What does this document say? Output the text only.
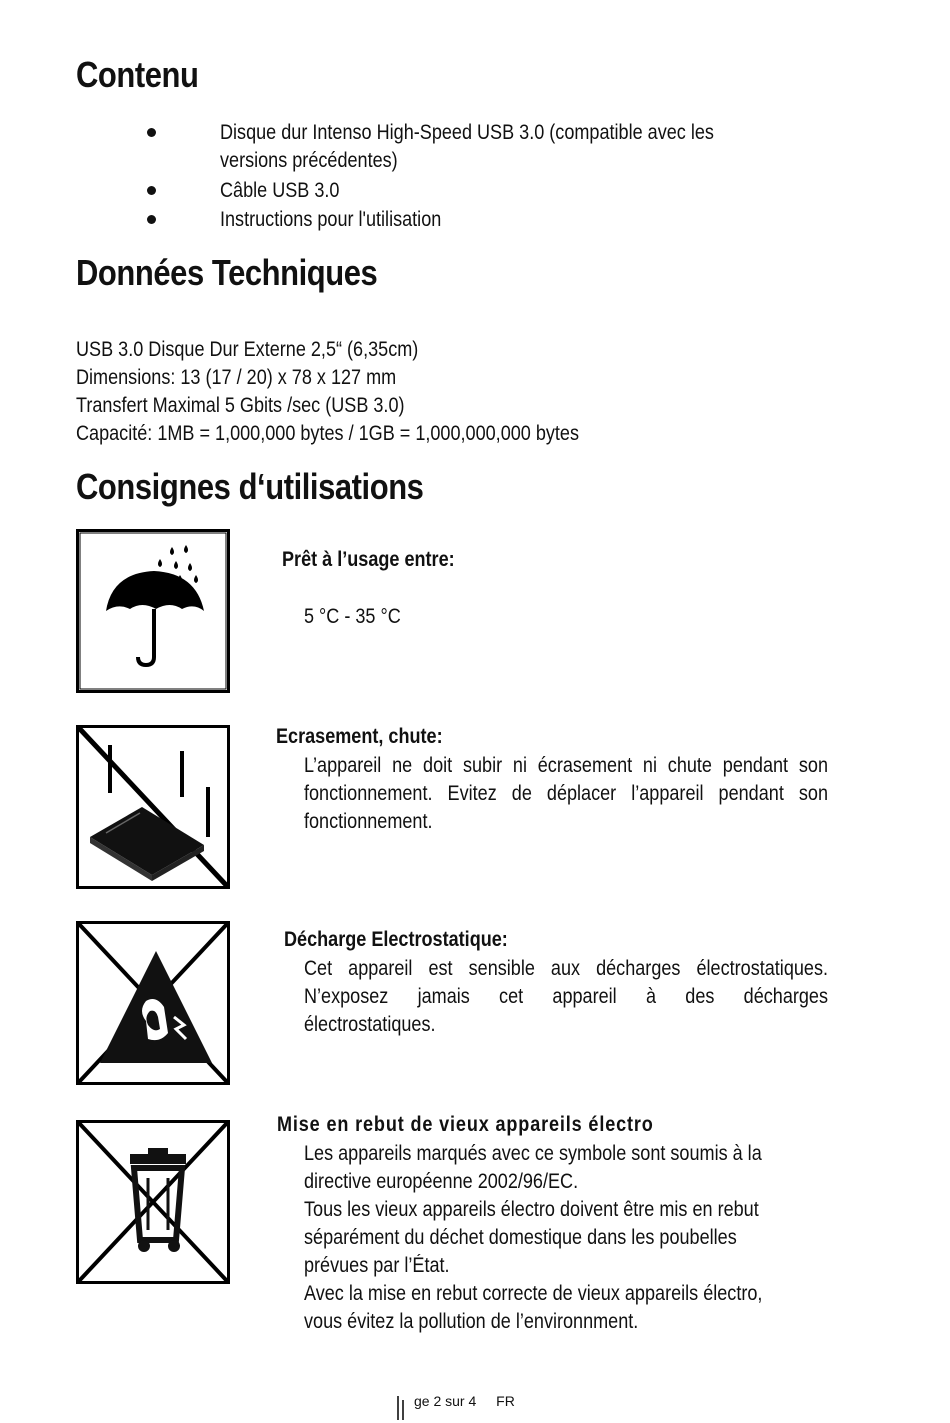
Contenu
Disque dur Intenso High-Speed USB 3.0 (compatible avec les
versions précédentes)
Câble USB 3.0
Instructions pour l'utilisation
Données Techniques
USB 3.0 Disque Dur Externe 2,5“ (6,35cm)
Dimensions: 13 (17 / 20) x 78 x 127 mm
Transfert Maximal 5 Gbits /sec (USB 3.0)
Capacité: 1MB = 1,000,000 bytes / 1GB = 1,000,000,000 bytes
Consignes d‘utilisations
Prêt à l’usage entre:
5 °C - 35 °C
Ecrasement, chute:
L’appareil ne doit subir ni écrasement ni chute pendant son
fonctionnement. Evitez de déplacer l’appareil pendant son
fonctionnement.
Décharge Electrostatique:
Cet appareil est sensible aux décharges électrostatiques.
N’exposez jamais cet appareil à des décharges
électrostatiques.
Mise en rebut de vieux appareils électro
Les appareils marqués avec ce symbole sont soumis à la
directive européenne 2002/96/EC.
Tous les vieux appareils électro doivent être mis en rebut
séparément du déchet domestique dans les poubelles
prévues par l’État.
Avec la mise en rebut correcte de vieux appareils électro,
vous évitez la pollution de l’environnment.
ge 2 sur 4 FR
